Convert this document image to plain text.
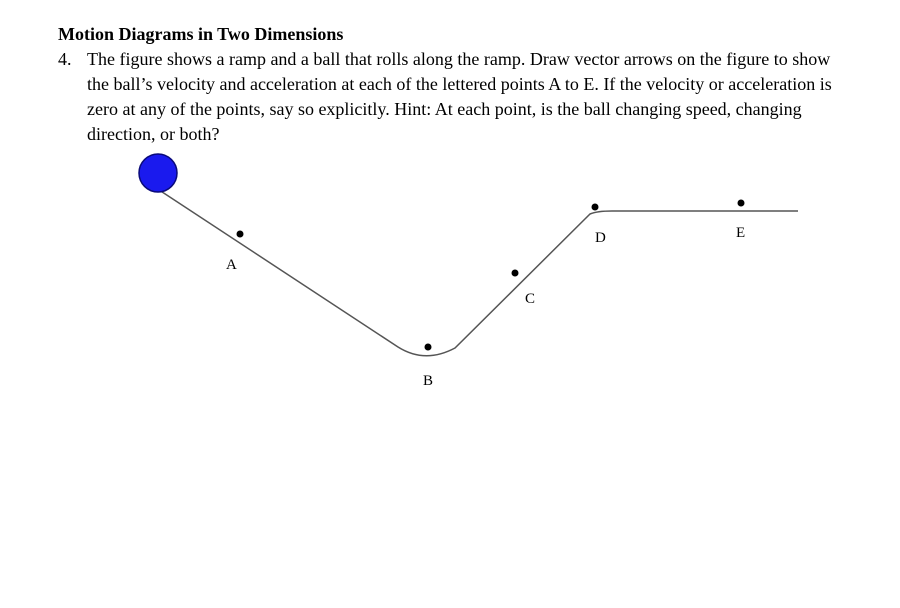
Motion Diagrams in Two Dimensions
4. The figure shows a ramp and a ball that rolls along the ramp. Draw vector arrows on the figure to show the ball’s velocity and acceleration at each of the lettered points A to E. If the velocity or acceleration is zero at any of the points, say so explicitly. Hint: At each point, is the ball changing speed, changing direction, or both?
A
B
C
D	E
